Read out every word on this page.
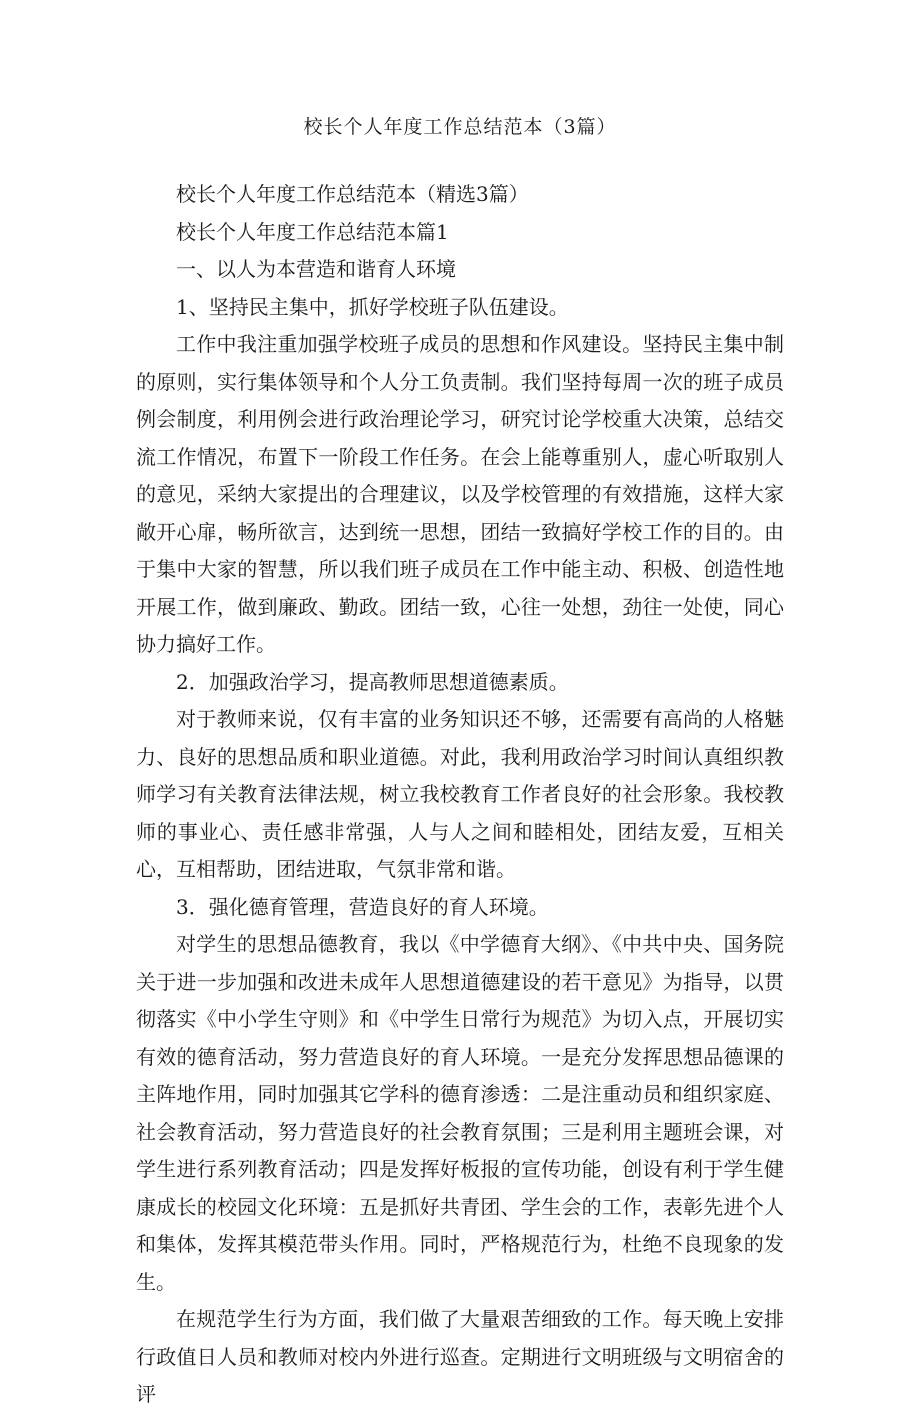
校长个人年度工作总结范本（3篇）

校长个人年度工作总结范本（精选3篇）

校长个人年度工作总结范本篇1

一、以人为本营造和谐育人环境

1、坚持民主集中，抓好学校班子队伍建设。

工作中我注重加强学校班子成员的思想和作风建设。坚持民主集中制的原则，实行集体领导和个人分工负责制。我们坚持每周一次的班子成员例会制度，利用例会进行政治理论学习，研究讨论学校重大决策，总结交流工作情况，布置下一阶段工作任务。在会上能尊重别人，虚心听取别人的意见，采纳大家提出的合理建议，以及学校管理的有效措施，这样大家敞开心扉，畅所欲言，达到统一思想，团结一致搞好学校工作的目的。由于集中大家的智慧，所以我们班子成员在工作中能主动、积极、创造性地开展工作，做到廉政、勤政。团结一致，心往一处想，劲往一处使，同心协力搞好工作。

2．加强政治学习，提高教师思想道德素质。

对于教师来说，仅有丰富的业务知识还不够，还需要有高尚的人格魅力、良好的思想品质和职业道德。对此，我利用政治学习时间认真组织教师学习有关教育法律法规，树立我校教育工作者良好的社会形象。我校教师的事业心、责任感非常强，人与人之间和睦相处，团结友爱，互相关心，互相帮助，团结进取，气氛非常和谐。

3．强化德育管理，营造良好的育人环境。

对学生的思想品德教育，我以《中学德育大纲》、《中共中央、国务院关于进一步加强和改进未成年人思想道德建设的若干意见》为指导，以贯彻落实《中小学生守则》和《中学生日常行为规范》为切入点，开展切实有效的德育活动，努力营造良好的育人环境。一是充分发挥思想品德课的主阵地作用，同时加强其它学科的德育渗透：二是注重动员和组织家庭、社会教育活动，努力营造良好的社会教育氛围；三是利用主题班会课，对学生进行系列教育活动；四是发挥好板报的宣传功能，创设有利于学生健康成长的校园文化环境：五是抓好共青团、学生会的工作，表彰先进个人和集体，发挥其模范带头作用。同时，严格规范行为，杜绝不良现象的发生。

在规范学生行为方面，我们做了大量艰苦细致的工作。每天晚上安排行政值日人员和教师对校内外进行巡查。定期进行文明班级与文明宿舍的评
